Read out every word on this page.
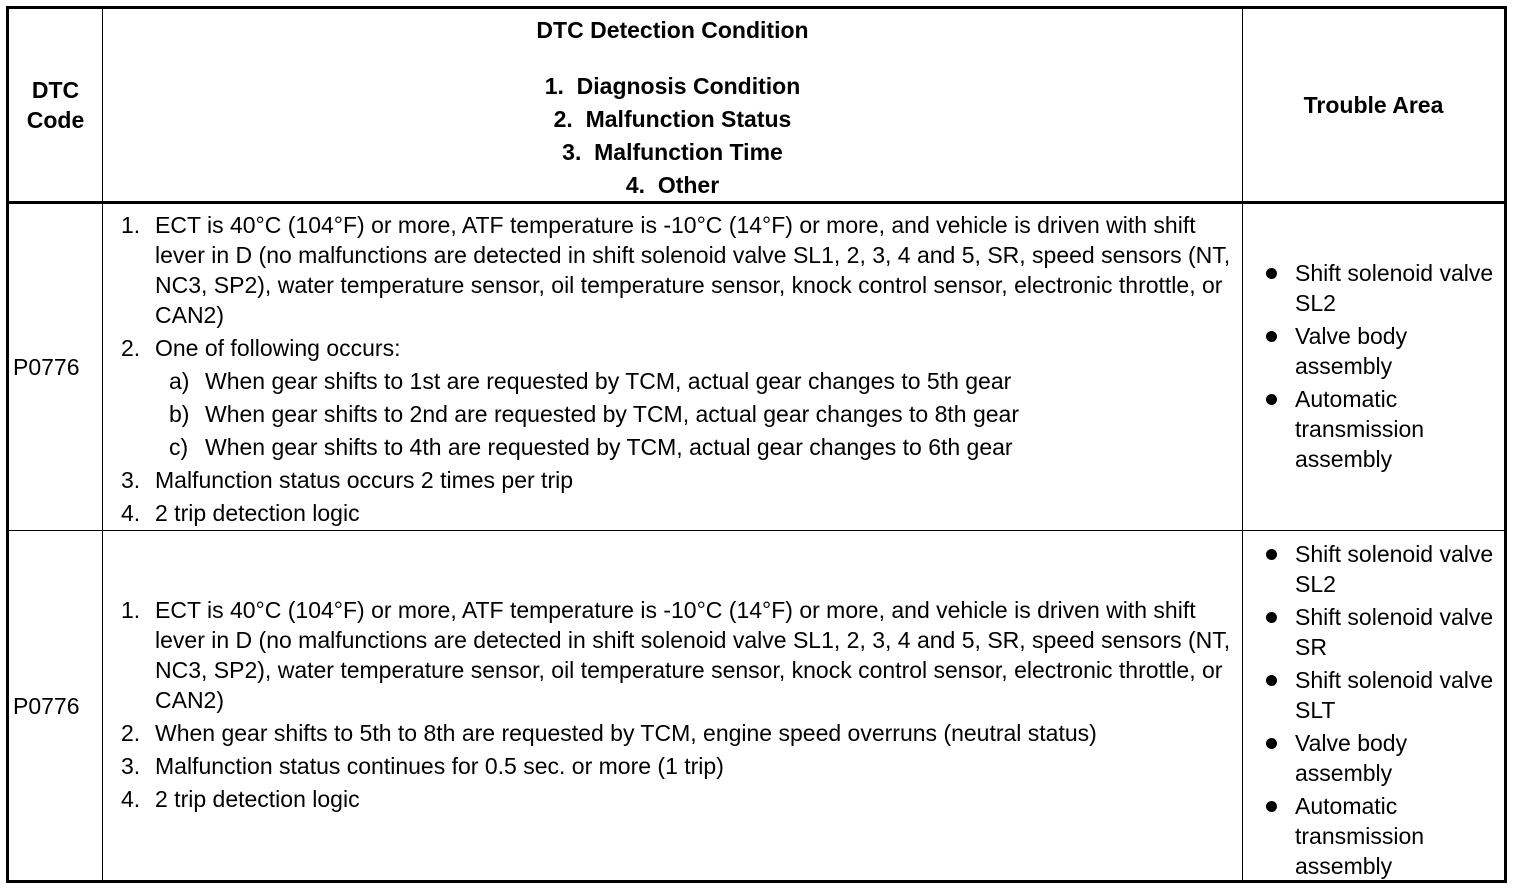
DTC
Code
DTC Detection Condition
1. Diagnosis Condition
2. Malfunction Status
3. Malfunction Time
4. Other
Trouble Area
P0776
1. ECT is 40°C (104°F) or more, ATF temperature is -10°C (14°F) or more, and vehicle is driven with shift lever in D (no malfunctions are detected in shift solenoid valve SL1, 2, 3, 4 and 5, SR, speed sensors (NT, NC3, SP2), water temperature sensor, oil temperature sensor, knock control sensor, electronic throttle, or CAN2)
2. One of following occurs:
a) When gear shifts to 1st are requested by TCM, actual gear changes to 5th gear
b) When gear shifts to 2nd are requested by TCM, actual gear changes to 8th gear
c) When gear shifts to 4th are requested by TCM, actual gear changes to 6th gear
3. Malfunction status occurs 2 times per trip
4. 2 trip detection logic
Shift solenoid valve SL2
Valve body assembly
Automatic transmission assembly
P0776
1. ECT is 40°C (104°F) or more, ATF temperature is -10°C (14°F) or more, and vehicle is driven with shift lever in D (no malfunctions are detected in shift solenoid valve SL1, 2, 3, 4 and 5, SR, speed sensors (NT, NC3, SP2), water temperature sensor, oil temperature sensor, knock control sensor, electronic throttle, or CAN2)
2. When gear shifts to 5th to 8th are requested by TCM, engine speed overruns (neutral status)
3. Malfunction status continues for 0.5 sec. or more (1 trip)
4. 2 trip detection logic
Shift solenoid valve SL2
Shift solenoid valve SR
Shift solenoid valve SLT
Valve body assembly
Automatic transmission assembly
